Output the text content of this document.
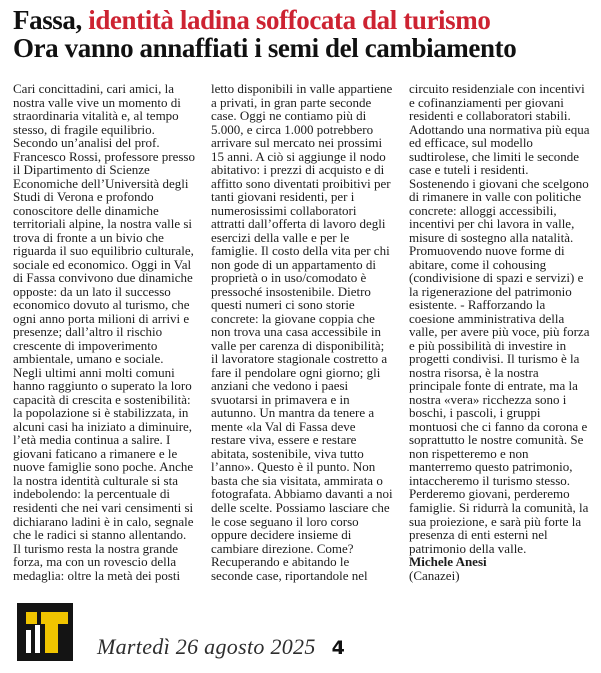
Fassa, identità ladina soffocata dal turismo
Ora vanno annaffiati i semi del cambiamento

Cari concittadini, cari amici, la nostra valle vive un momento di straordinaria vitalità e, al tempo stesso, di fragile equilibrio. Secondo un’analisi del prof. Francesco Rossi, professore presso il Dipartimento di Scienze Economiche dell’Università degli Studi di Verona e profondo conoscitore delle dinamiche territoriali alpine, la nostra valle si trova di fronte a un bivio che riguarda il suo equilibrio culturale, sociale ed economico. Oggi in Val di Fassa convivono due dinamiche opposte: da un lato il successo economico dovuto al turismo, che ogni anno porta milioni di arrivi e presenze; dall’altro il rischio crescente di impoverimento ambientale, umano e sociale. Negli ultimi anni molti comuni hanno raggiunto o superato la loro capacità di crescita e sostenibilità: la popolazione si è stabilizzata, in alcuni casi ha iniziato a diminuire, l’età media continua a salire. I giovani faticano a rimanere e le nuove famiglie sono poche. Anche la nostra identità culturale si sta indebolendo: la percentuale di residenti che nei vari censimenti si dichiarano ladini è in calo, segnale che le radici si stanno allentando. Il turismo resta la nostra grande forza, ma con un rovescio della medaglia: oltre la metà dei posti letto disponibili in valle appartiene a privati, in gran parte seconde case. Oggi ne contiamo più di 5.000, e circa 1.000 potrebbero arrivare sul mercato nei prossimi 15 anni. A ciò si aggiunge il nodo abitativo: i prezzi di acquisto e di affitto sono diventati proibitivi per tanti giovani residenti, per i numerosissimi collaboratori attratti dall’offerta di lavoro degli esercizi della valle e per le famiglie. Il costo della vita per chi non gode di un appartamento di proprietà o in uso/comodato è pressoché insostenibile. Dietro questi numeri ci sono storie concrete: la giovane coppia che non trova una casa accessibile in valle per carenza di disponibilità; il lavoratore stagionale costretto a fare il pendolare ogni giorno; gli anziani che vedono i paesi svuotarsi in primavera e in autunno. Un mantra da tenere a mente «la Val di Fassa deve restare viva, essere e restare abitata, sostenibile, viva tutto l’anno». Questo è il punto. Non basta che sia visitata, ammirata o fotografata. Abbiamo davanti a noi delle scelte. Possiamo lasciare che le cose seguano il loro corso oppure decidere insieme di cambiare direzione. Come? Recuperando e abitando le seconde case, riportandole nel circuito residenziale con incentivi e cofinanziamenti per giovani residenti e collaboratori stabili. Adottando una normativa più equa ed efficace, sul modello sudtirolese, che limiti le seconde case e tuteli i residenti. Sostenendo i giovani che scelgono di rimanere in valle con politiche concrete: alloggi accessibili, incentivi per chi lavora in valle, misure di sostegno alla natalità. Promuovendo nuove forme di abitare, come il cohousing (condivisione di spazi e servizi) e la rigenerazione del patrimonio esistente. - Rafforzando la coesione amministrativa della valle, per avere più voce, più forza e più possibilità di investire in progetti condivisi. Il turismo è la nostra risorsa, è la nostra principale fonte di entrate, ma la nostra «vera» ricchezza sono i boschi, i pascoli, i gruppi montuosi che ci fanno da corona e soprattutto le nostre comunità. Se non rispetteremo e non manterremo questo patrimonio, intaccheremo il turismo stesso. Perderemo giovani, perderemo famiglie. Si ridurrà la comunità, la sua proiezione, e sarà più forte la presenza di enti esterni nel patrimonio della valle.

Michele Anesi

(Canazei)

Martedì 26 agosto 2025 4
